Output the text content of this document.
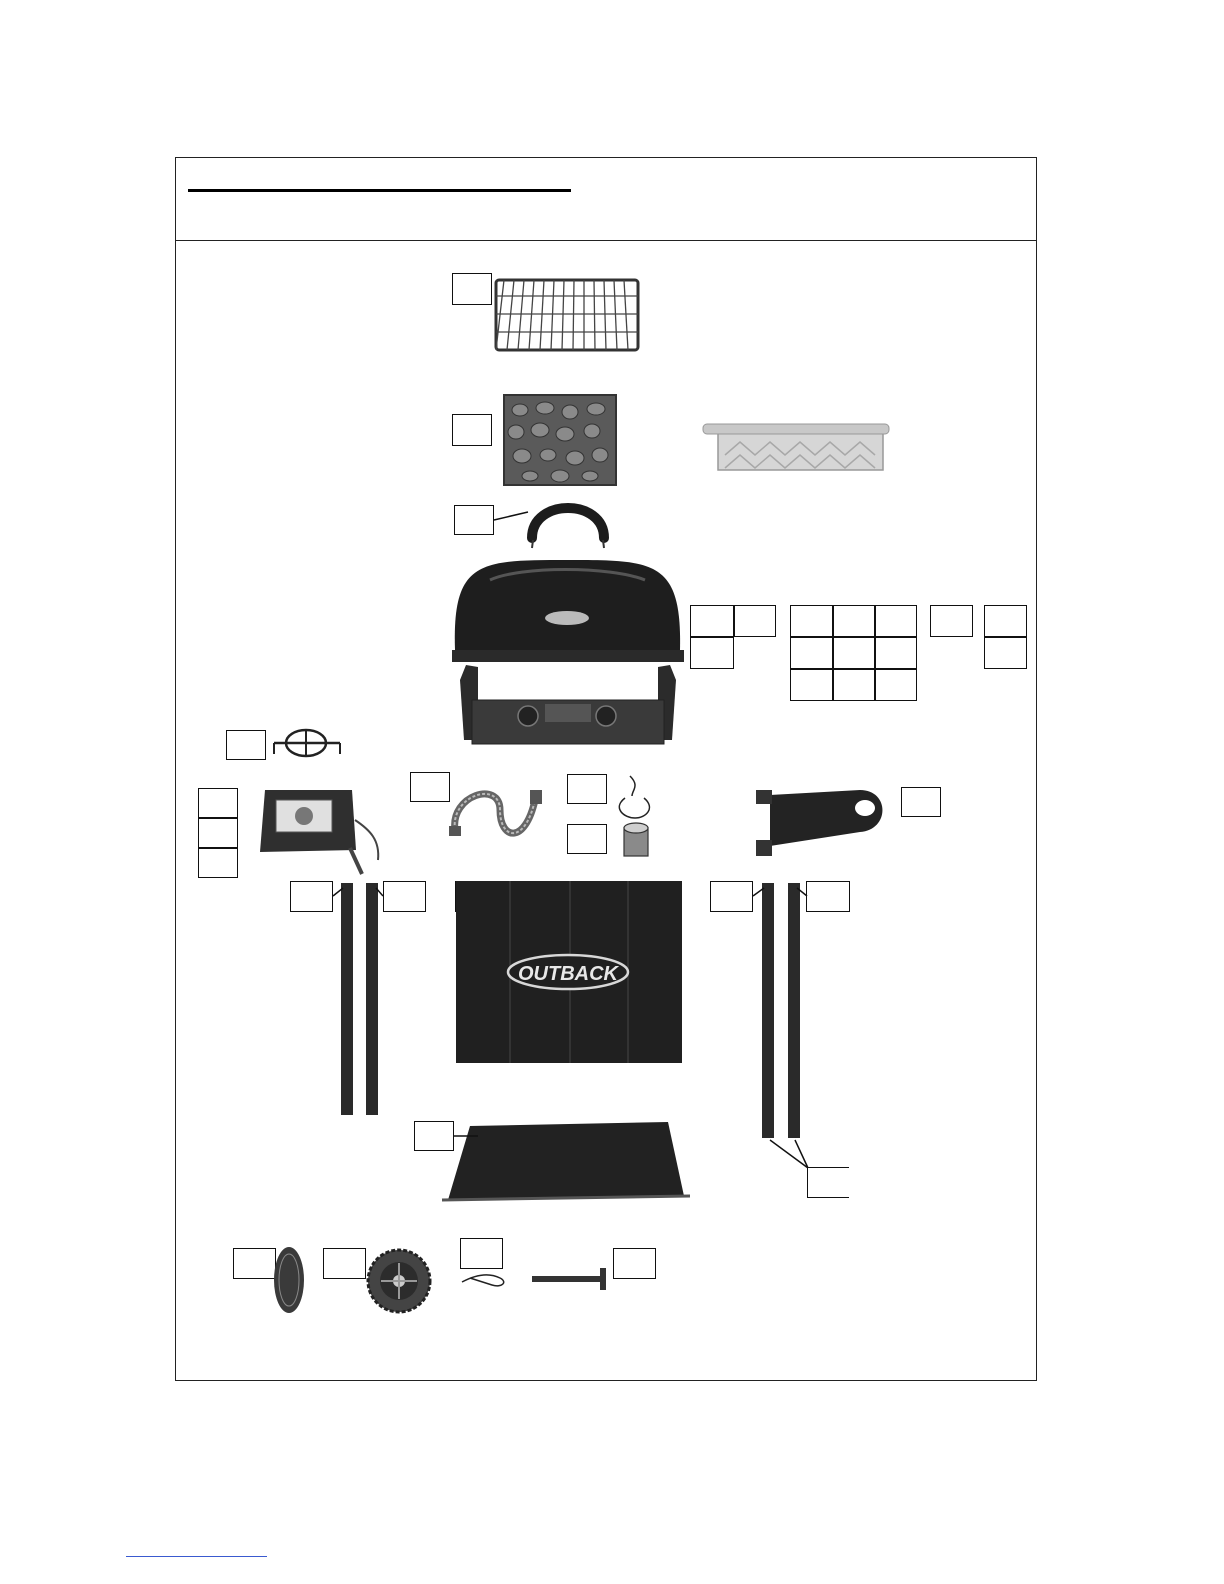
OUTBACK
